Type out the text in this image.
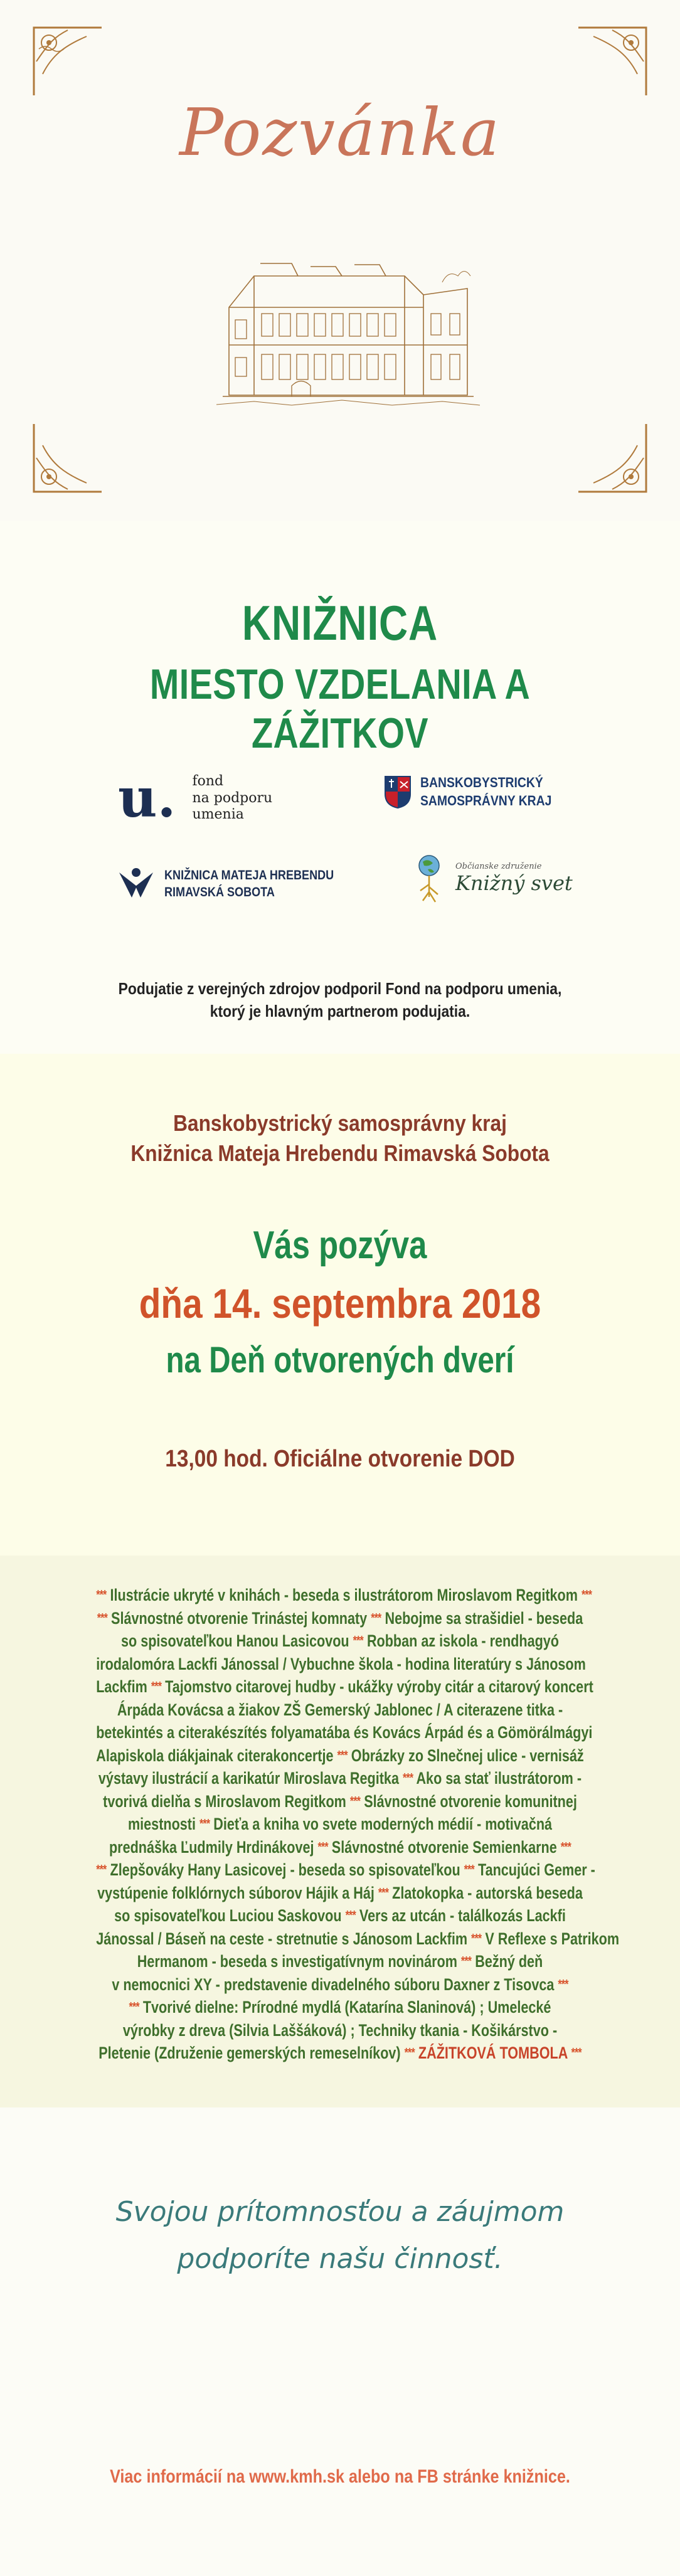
Pozvánka
KNIŽNICA
MIESTO VZDELANIA A ZÁŽITKOV
u. fond
na podporu
umenia
BANSKOBYSTRICKÝ
SAMOSPRÁVNY KRAJ
KNIŽNICA MATEJA HREBENDU
RIMAVSKÁ SOBOTA
Občianske združenie
Knižný svet
Podujatie z verejných zdrojov podporil Fond na podporu umenia,
ktorý je hlavným partnerom podujatia.
Banskobystrický samosprávny kraj
Knižnica Mateja Hrebendu Rimavská Sobota
Vás pozýva
dňa 14. septembra 2018
na Deň otvorených dverí
13,00 hod. Oficiálne otvorenie DOD
*** Ilustrácie ukryté v knihách - beseda s ilustrátorom Miroslavom Regitkom ***
*** Slávnostné otvorenie Trinástej komnaty *** Nebojme sa strašidiel - beseda
so spisovateľkou Hanou Lasicovou *** Robban az iskola - rendhagyó
irodalomóra Lackfi Jánossal / Vybuchne škola - hodina literatúry s Jánosom
Lackfim *** Tajomstvo citarovej hudby - ukážky výroby citár a citarový koncert
Árpáda Kovácsa a žiakov ZŠ Gemerský Jablonec / A citerazene titka -
betekintés a citerakészítés folyamatába és Kovács Árpád és a Gömörálmágyi
Alapiskola diákjainak citerakoncertje *** Obrázky zo Slnečnej ulice - vernisáž
výstavy ilustrácií a karikatúr Miroslava Regitka *** Ako sa stať ilustrátorom -
tvorivá dielňa s Miroslavom Regitkom *** Slávnostné otvorenie komunitnej
miestnosti *** Dieťa a kniha vo svete moderných médií - motivačná
prednáška Ľudmily Hrdinákovej *** Slávnostné otvorenie Semienkarne ***
*** Zlepšováky Hany Lasicovej - beseda so spisovateľkou *** Tancujúci Gemer -
vystúpenie folklórnych súborov Hájik a Háj *** Zlatokopka - autorská beseda
so spisovateľkou Luciou Saskovou *** Vers az utcán - találkozás Lackfi
Jánossal / Báseň na ceste - stretnutie s Jánosom Lackfim *** V Reflexe s Patrikom
Hermanom - beseda s investigatívnym novinárom *** Bežný deň
v nemocnici XY - predstavenie divadelného súboru Daxner z Tisovca ***
*** Tvorivé dielne: Prírodné mydlá (Katarína Slaninová) ; Umelecké
výrobky z dreva (Silvia Laššáková) ; Techniky tkania - Košikárstvo -
Pletenie (Združenie gemerských remeselníkov) *** ZÁŽITKOVÁ TOMBOLA ***
Svojou prítomnosťou a záujmom
podporíte našu činnosť.
Viac informácií na www.kmh.sk alebo na FB stránke knižnice.
